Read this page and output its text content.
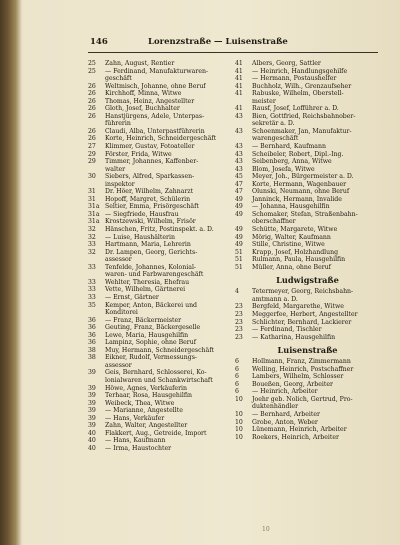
146	Lorenzstraße — Luisenstraße
25	Zahn, August, Rentier
25	— Ferdinand, Manufakturwaren-
geschäft
26	Weltmisch, Johanne, ohne Beruf
26	Kirchhoff, Minna, Witwe
26	Thomas, Heinz, Angestellter
26	Gloth, Josef, Buchhalter
26	Hanstjürgens, Adele, Unterpas-
führerin
26	Claudi, Alba, Unterpastführerin
26	Korte, Heinrich, Schneidergeschäft
27	Klimmer, Gustav, Fotoateller
29	Förster, Frida, Witwe
29	Timmer, Johannes, Kaffenber-
walter
30	Siebers, Alfred, Sparkassen-
inspektor
31	Dr. Höer, Wilhelm, Zahnarzt
31	Hopoff, Margret, Schülerin
31a Seltier, Emma, Frisörgeschäft
31a — Siegfriede, Hausfrau
31a Krostzewski, Wilhelm, Frisör
32	Hänschen, Fritz, Postinspekt. a. D.
32	— Luise, Haushälterin
33	Hartmann, Maria, Lehrerin
32	Dr. Lampen, Georg, Gerichts-
assessor
33	Tenfelde, Johannes, Kolonial-
waren- und Farbwarengeschäft
33	Wehlter, Theresia, Ehefrau
33	Vette, Wilhelm, Gärtnerei
33	— Ernst, Gärtner
35	Kemper, Anton, Bäckerei und
Konditorei
36	— Franz, Bäckermeister
36	Geuting, Franz, Bäckergeselle
36	Lewe, Maria, Hausgehilfin
36	Lampinz, Sophie, ohne Beruf
38	Muy, Hermann, Schneidergeschäft
38	Eikner, Rudolf, Vermessungs-
assessor
39	Geis, Bernhard, Schlosserei, Ko-
lonialwaren und Schankwirtschaft
39	Höwe, Agnes, Verkäuferin
39	Terhaar, Rosa, Hausgehilfin
39	Weibeck, Thea, Witwe
39	— Marianne, Angestellte
39	— Hans, Verkäufer
39	Zahn, Walter, Angestellter
40	Flakkert, Aug., Getreide, Import
40	— Hans, Kaufmann
40	— Irma, Haustochter
41	Albers, Georg, Sattler
41	— Heinrich, Handlungsgehilfe
41	— Hermann, Postaushelfer
41	Buchholz, Wilh., Grenzaufseher
41	Rabuske, Wilhelm, Oberstell-
meister
41	Rausf, Josef, Lofführer a. D.
43	Bien, Gottfried, Reichsbahnober-
sekretär a. D.
43	Schoenmaker, Jan, Manufaktur-
warengeschäft
43	— Bernhard, Kaufmann
43	Scheibeler, Robert, Dipl.-Ing.
43	Seibenberg, Anna, Witwe
43	Blom, Josefa, Witwe
45	Meyer, Joh., Bürgermeister a. D.
47	Korte, Hermann, Wagenbauer
47	Olunski, Neumann, ohne Beruf
49	Janninck, Hermann, Invalide
49	— Johanna, Hausgehilfin
49	Schomaker, Stefan, Straßenbahn-
oberschaffner
49	Schütte, Margarete, Witwe
49	Mörig, Walter, Kaufmann
49	Stille, Christine, Witwe
51	Krapp, Josef, Holzhandlung
51	Rulmann, Paula, Hausgehilfin
51	Müller, Anna, ohne Beruf
Ludwigstraße
4	Tetermeyer, Georg, Reichsbahn-
amtmann a. D.
23	Bergfeld, Margarethe, Witwe
23	Meggerfee, Herbert, Angestellter
23	Schlichter, Bernhard, Lackierer
23	— Ferdinand, Tischler
23	— Katharina, Hausgehilfin
Luisenstraße
6	Hollmann, Franz, Zimmermann
6	Welling, Heinrich, Postschaffner
6	Lambers, Wilhelm, Schlosser
6	Boueßen, Georg, Arbeiter
6	— Heinrich, Arbeiter
10	Joehr geb. Nolich, Gertrud, Pro-
duktenhändler
10	— Bernhard, Arbeiter
10	Grobe, Anton, Weber
10	Lünemann, Heinrich, Arbeiter
10	Roekers, Heinrich, Arbeiter
10
